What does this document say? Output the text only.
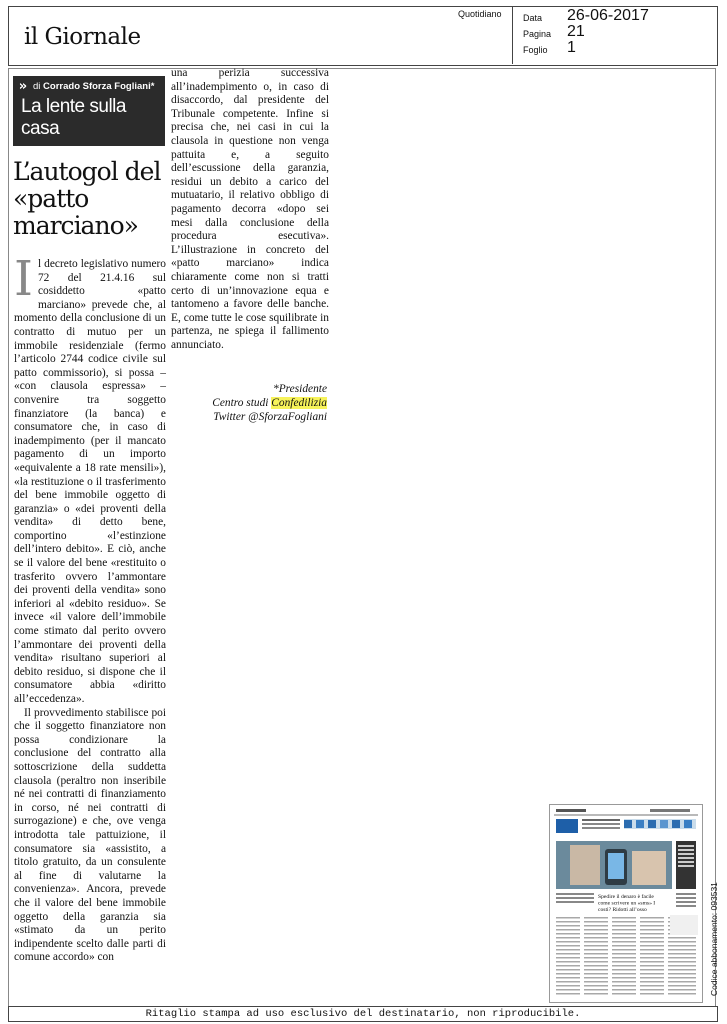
il Giornale
Quotidiano Data 26-06-2017
Pagina 21
Foglio 1
» di Corrado Sforza Fogliani*
La lente sulla casa
L’autogol del «patto marciano»

Il decreto legislativo numero 72 del 21.4.16 sul cosiddetto «patto marciano» prevede che, al momento della conclusione di un contratto di mutuo per un immobile residenziale (fermo l’articolo 2744 codice civile sul patto commissorio), si possa – «con clausola espressa» – convenire tra soggetto finanziatore (la banca) e consumatore che, in caso di inadempimento (per il mancato pagamento di un importo «equivalente a 18 rate mensili»), «la restituzione o il trasferimento del bene immobile oggetto di garanzia» o «dei proventi della vendita» di detto bene, comportino «l’estinzione dell’intero debito». E ciò, anche se il valore del bene «restituito o trasferito ovvero l’ammontare dei proventi della vendita» sono inferiori al «debito residuo». Se invece «il valore dell’immobile come stimato dal perito ovvero l’ammontare dei proventi della vendita» risultano superiori al debito residuo, si dispone che il consumatore abbia «diritto all’eccedenza».

Il provvedimento stabilisce poi che il soggetto finanziatore non possa condizionare la conclusione del contratto alla sottoscrizione della suddetta clausola (peraltro non inseribile né nei contratti di finanziamento in corso, né nei contratti di surrogazione) e che, ove venga introdotta tale pattuizione, il consumatore sia «assistito, a titolo gratuito, da un consulente al fine di valutarne la convenienza». Ancora, prevede che il valore del bene immobile oggetto della garanzia sia «stimato da un perito indipendente scelto dalle parti di comune accordo» con

una perizia successiva all’inadempimento o, in caso di disaccordo, dal presidente del Tribunale competente. Infine si precisa che, nei casi in cui la clausola in questione non venga pattuita e, a seguito dell’escussione della garanzia, residui un debito a carico del mutuatario, il relativo obbligo di pagamento decorra «dopo sei mesi dalla conclusione della procedura esecutiva». L’illustrazione in concreto del «patto marciano» indica chiaramente come non si tratti certo di un’innovazione equa e tantomeno a favore delle banche. E, come tutte le cose squilibrate in partenza, ne spiega il fallimento annunciato.

*Presidente
Centro studi Confedilizia
Twitter @SforzaFogliani
Spedire il denaro è facile come scrivere un «sms» I costi? Ridotti all’osso	Codice abbonamento: 093531
Ritaglio stampa ad uso esclusivo del destinatario, non riproducibile.
